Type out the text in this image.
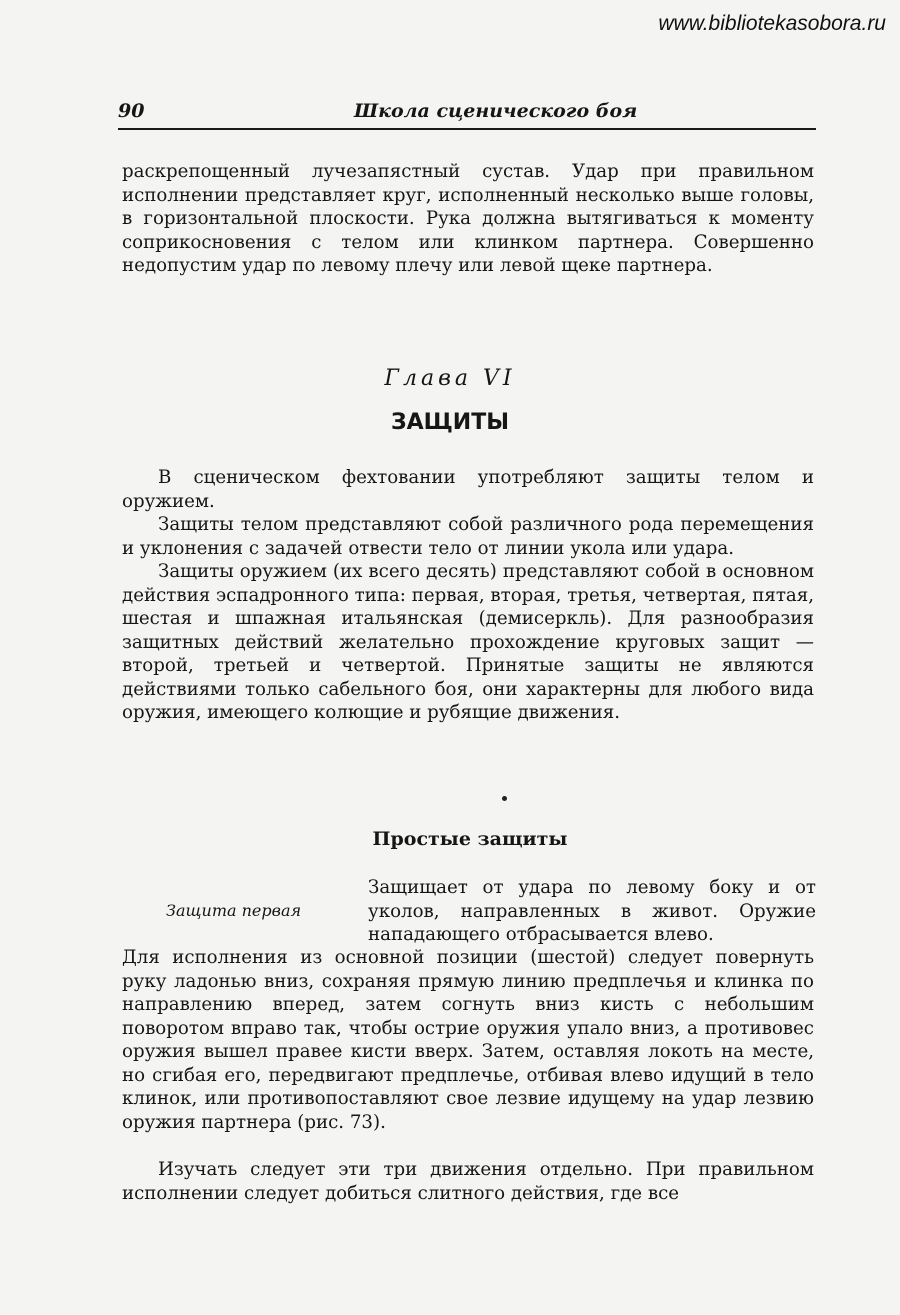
www.bibliotekasobora.ru
90	Школа сценического боя

раскрепощенный лучезапястный сустав. Удар при правильном исполнении представляет круг, исполненный несколько выше головы, в горизонтальной плоскости. Рука должна вытягиваться к моменту соприкосновения с телом или клинком партнера. Совершенно недопустим удар по левому плечу или левой щеке партнера.

Глава VI
ЗАЩИТЫ

В сценическом фехтовании употребляют защиты телом и оружием.

Защиты телом представляют собой различного рода перемещения и уклонения с задачей отвести тело от линии укола или удара.

Защиты оружием (их всего десять) представляют собой в основном действия эспадронного типа: первая, вторая, третья, четвертая, пятая, шестая и шпажная итальянская (демисеркль). Для разнообразия защитных действий желательно прохождение круговых защит — второй, третьей и четвертой. Принятые защиты не являются действиями только сабельного боя, они характерны для любого вида оружия, имеющего колющие и рубящие движения.

Простые защиты
Защита первая

Защищает от удара по левому боку и от уколов, направленных в живот. Оружие нападающего отбрасывается влево.

Для исполнения из основной позиции (шестой) следует повернуть руку ладонью вниз, сохраняя прямую линию предплечья и клинка по направлению вперед, затем согнуть вниз кисть с небольшим поворотом вправо так, чтобы острие оружия упало вниз, а противовес оружия вышел правее кисти вверх. Затем, оставляя локоть на месте, но сгибая его, передвигают предплечье, отбивая влево идущий в тело клинок, или противопоставляют свое лезвие идущему на удар лезвию оружия партнера (рис. 73).

Изучать следует эти три движения отдельно. При правильном исполнении следует добиться слитного действия, где все
